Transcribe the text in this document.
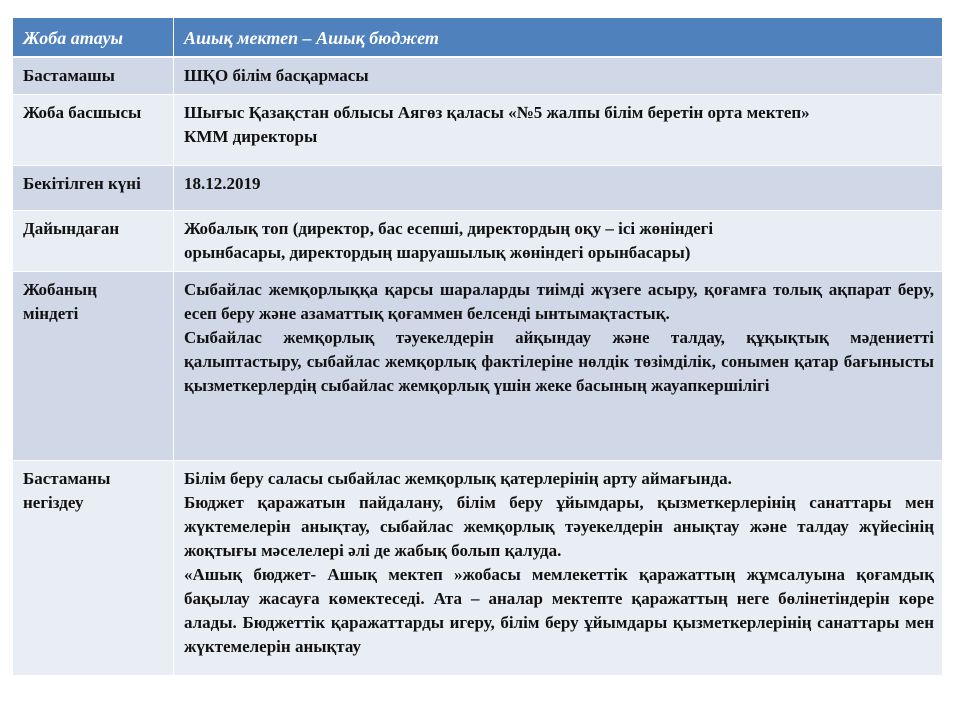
Жоба атауы	Ашық мектеп – Ашық бюджет

Бастамашы	ШҚО білім басқармасы

Жоба басшысы	Шығыс Қазақстан облысы Аягөз қаласы «№5 жалпы білім беретін орта мектеп»
КММ директоры

Бекітілген күні	18.12.2019

Дайындаған	Жобалық топ (директор, бас есепші, директордың оқу – ісі жөніндегі
орынбасары, директордың шаруашылық жөніндегі орынбасары)

Жобаның
міндеті	Сыбайлас жемқорлыққа қарсы шараларды тиімді жүзеге асыру, қоғамға толық ақпарат беру, есеп беру және азаматтық қоғаммен белсенді ынтымақтастық.
Сыбайлас жемқорлық тәуекелдерін айқындау және талдау, құқықтық мәдениетті қалыптастыру, сыбайлас жемқорлық фактілеріне нөлдік төзімділік, сонымен қатар бағыныcты қызметкерлердің сыбайлас жемқорлық үшін жеке басының жауапкершілігі

Бастаманы
негіздеу	Білім беру саласы сыбайлас жемқорлық қатерлерінің арту аймағында.
Бюджет қаражатын пайдалану, білім беру ұйымдары, қызметкерлерінің санаттары мен жүктемелерін анықтау, сыбайлас жемқорлық тәуекелдерін анықтау және талдау жүйесінің жоқтығы мәселелері әлі де жабық болып қалуда.
«Ашық бюджет- Ашық мектеп »жобасы мемлекеттік қаражаттың жұмсалуына қоғамдық бақылау жасауға көмектеседі. Ата – аналар мектепте қаражаттың неге бөлінетіндерін көре алады. Бюджеттік қаражаттарды игеру, білім беру ұйымдары қызметкерлерінің санаттары мен жүктемелерін анықтау
